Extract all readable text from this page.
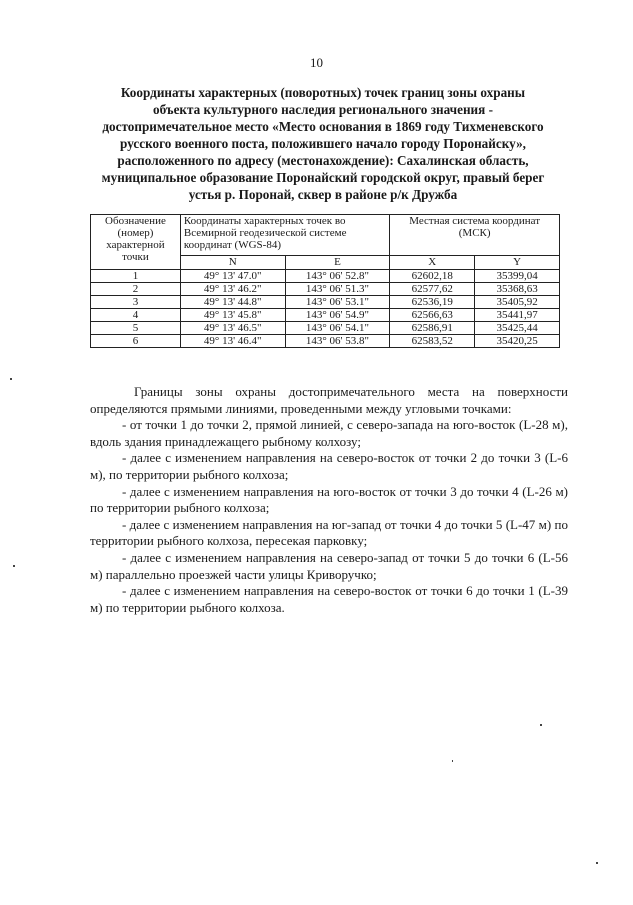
10
Координаты характерных (поворотных) точек границ зоны охраны
объекта культурного наследия регионального значения -
достопримечательное место «Место основания в 1869 году Тихменевского
русского военного поста, положившего начало городу Поронайску»,
расположенного по адресу (местонахождение): Сахалинская область,
муниципальное образование Поронайский городской округ, правый берег
устья р. Поронай, сквер в районе р/к Дружба
Обозначение (номер) характерной точки	Координаты характерных точек во Всемирной геодезической системе координат (WGS-84)		Местная система координат (МСК)	
	N	E	X	Y
1	49° 13' 47.0"	143° 06' 52.8"	62602,18	35399,04
2	49° 13' 46.2"	143° 06' 51.3"	62577,62	35368,63
3	49° 13' 44.8"	143° 06' 53.1"	62536,19	35405,92
4	49° 13' 45.8"	143° 06' 54.9"	62566,63	35441,97
5	49° 13' 46.5"	143° 06' 54.1"	62586,91	35425,44
6	49° 13' 46.4"	143° 06' 53.8"	62583,52	35420,25

Границы зоны охраны достопримечательного места на поверхности определяются прямыми линиями, проведенными между угловыми точками:

- от точки 1 до точки 2, прямой линией, с северо-запада на юго-восток (L-28 м), вдоль здания принадлежащего рыбному колхозу;

- далее с изменением направления на северо-восток от точки 2 до точки 3 (L-6 м), по территории рыбного колхоза;

- далее с изменением направления на юго-восток от точки 3 до точки 4 (L-26 м) по территории рыбного колхоза;

- далее с изменением направления на юг-запад от точки 4 до точки 5 (L-47 м) по территории рыбного колхоза, пересекая парковку;

- далее с изменением направления на северо-запад от точки 5 до точки 6 (L-56 м) параллельно проезжей части улицы Криворучко;

- далее с изменением направления на северо-восток от точки 6 до точки 1 (L-39 м) по территории рыбного колхоза.
